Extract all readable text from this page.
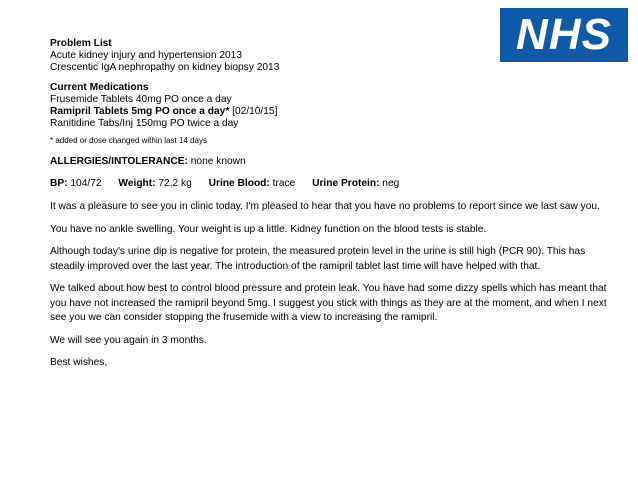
NHS
Problem List
Acute kidney injury and hypertension 2013
Crescentic IgA nephropathy on kidney biopsy 2013
Current Medications
Frusemide Tablets 40mg PO once a day
Ramipril Tablets 5mg PO once a day* [02/10/15]
Ranitidine Tabs/Inj 150mg PO twice a day
* added or dose changed within last 14 days
ALLERGIES/INTOLERANCE: none known
BP: 104/72 Weight: 72.2 kg Urine Blood: trace Urine Protein: neg
It was a pleasure to see you in clinic today. I'm pleased to hear that you have no problems to report since we last saw you.
You have no ankle swelling. Your weight is up a little. Kidney function on the blood tests is stable.
Although today's urine dip is negative for protein, the measured protein level in the urine is still high (PCR 90). This has steadily improved over the last year. The introduction of the ramipril tablet last time will have helped with that.
We talked about how best to control blood pressure and protein leak. You have had some dizzy spells which has meant that you have not increased the ramipril beyond 5mg. I suggest you stick with things as they are at the moment, and when I next see you we can consider stopping the frusemide with a view to increasing the ramipril.
We will see you again in 3 months.
Best wishes,
